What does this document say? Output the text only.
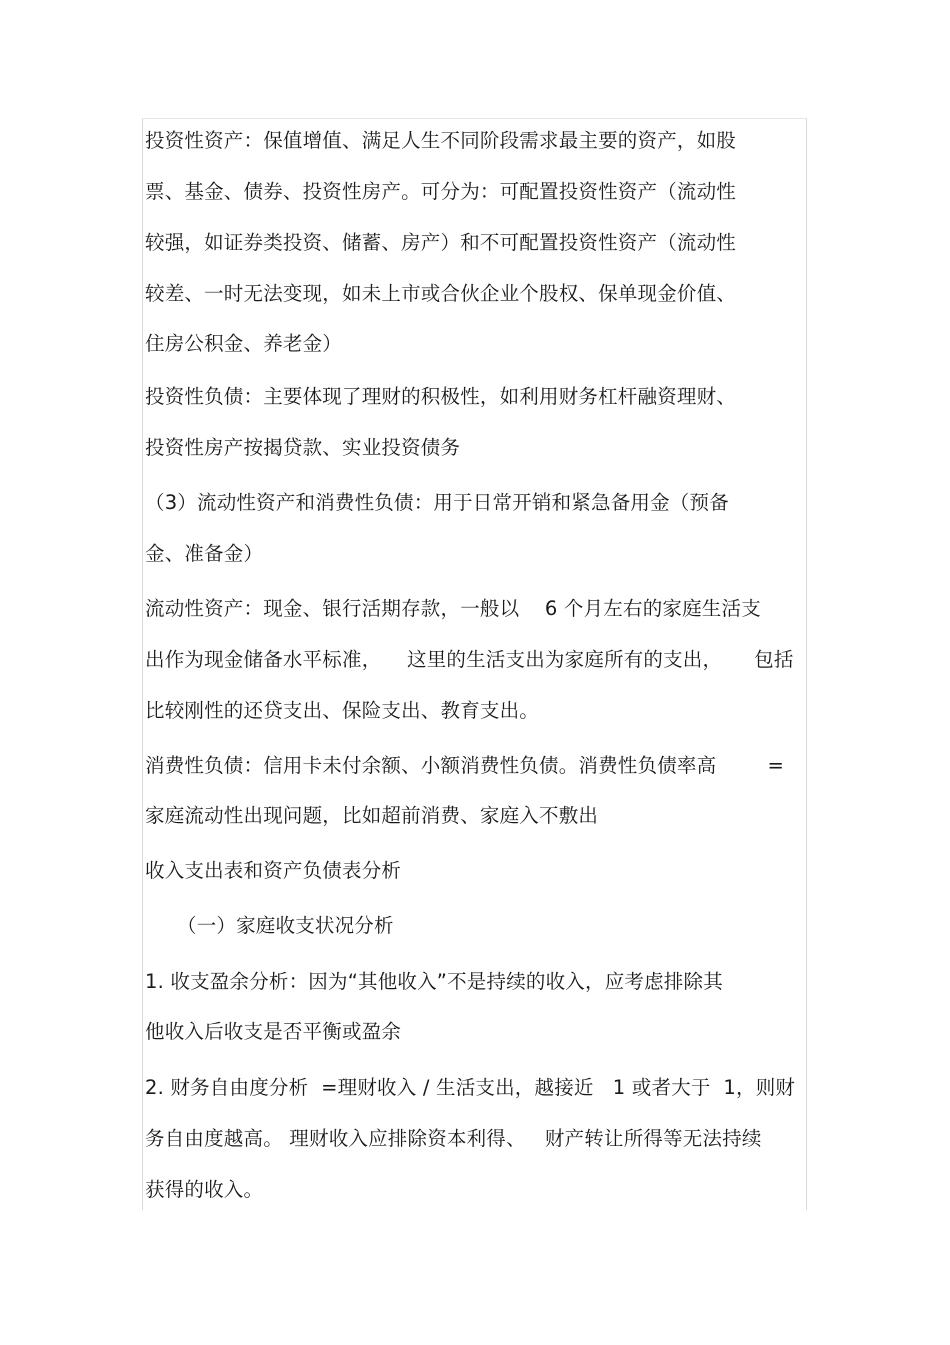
投资性资产：保值增值、满足人生不同阶段需求最主要的资产，如股
票、基金、债券、投资性房产。可分为：可配置投资性资产（流动性
较强，如证券类投资、储蓄、房产）和不可配置投资性资产（流动性
较差、一时无法变现，如未上市或合伙企业个股权、保单现金价值、
住房公积金、养老金）
投资性负债：主要体现了理财的积极性，如利用财务杠杆融资理财、
投资性房产按揭贷款、实业投资债务
（3）流动性资产和消费性负债：用于日常开销和紧急备用金（预备
金、准备金）
流动性资产：现金、银行活期存款，一般以    6 个月左右的家庭生活支
出作为现金储备水平标准，    这里的生活支出为家庭所有的支出，     包括
比较刚性的还贷支出、保险支出、教育支出。
消费性负债：信用卡未付余额、小额消费性负债。消费性负债率高        =
家庭流动性出现问题，比如超前消费、家庭入不敷出
收入支出表和资产负债表分析
（一）家庭收支状况分析
1. 收支盈余分析：因为“其他收入”不是持续的收入，应考虑排除其
他收入后收支是否平衡或盈余
2. 财务自由度分析  =理财收入 / 生活支出，越接近   1 或者大于  1，则财
务自由度越高。 理财收入应排除资本利得、   财产转让所得等无法持续
获得的收入。
